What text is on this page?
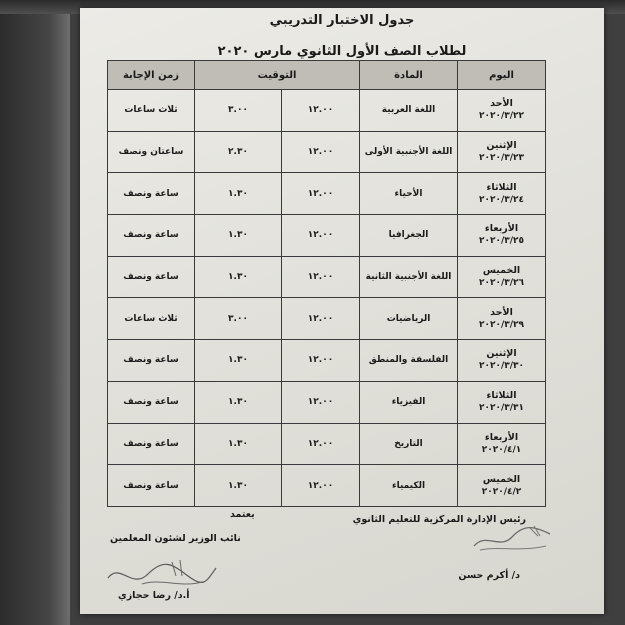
جدول الاختبار التدريبي
لطلاب الصف الأول الثانوي مارس ٢٠٢٠
اليوم	المادة	التوقيت		زمن الإجابة

الأحد
٢٠٢٠/٣/٢٢	اللغة العربية	١٢.٠٠	٣.٠٠	ثلاث ساعات

الإثنين
٢٠٢٠/٣/٢٣	اللغة الأجنبية الأولى	١٢.٠٠	٢.٣٠	ساعتان ونصف

الثلاثاء
٢٠٢٠/٣/٢٤	الأحياء	١٢.٠٠	١.٣٠	ساعة ونصف

الأربعاء
٢٠٢٠/٣/٢٥	الجغرافيا	١٢.٠٠	١.٣٠	ساعة ونصف

الخميس
٢٠٢٠/٣/٢٦	اللغة الأجنبية الثانية	١٢.٠٠	١.٣٠	ساعة ونصف

الأحد
٢٠٢٠/٣/٢٩	الرياضيات	١٢.٠٠	٣.٠٠	ثلاث ساعات

الإثنين
٢٠٢٠/٣/٣٠	الفلسفة والمنطق	١٢.٠٠	١.٣٠	ساعة ونصف

الثلاثاء
٢٠٢٠/٣/٣١	الفيزياء	١٢.٠٠	١.٣٠	ساعة ونصف

الأربعاء
٢٠٢٠/٤/١	التاريخ	١٢.٠٠	١.٣٠	ساعة ونصف

الخميس
٢٠٢٠/٤/٢	الكيمياء	١٢.٠٠	١.٣٠	ساعة ونصف
رئيس الإدارة المركزية للتعليم الثانوي
يعتمد
نائب الوزير لشئون المعلمين
د/ أكرم حسن
أ.د/ رضا حجازي
